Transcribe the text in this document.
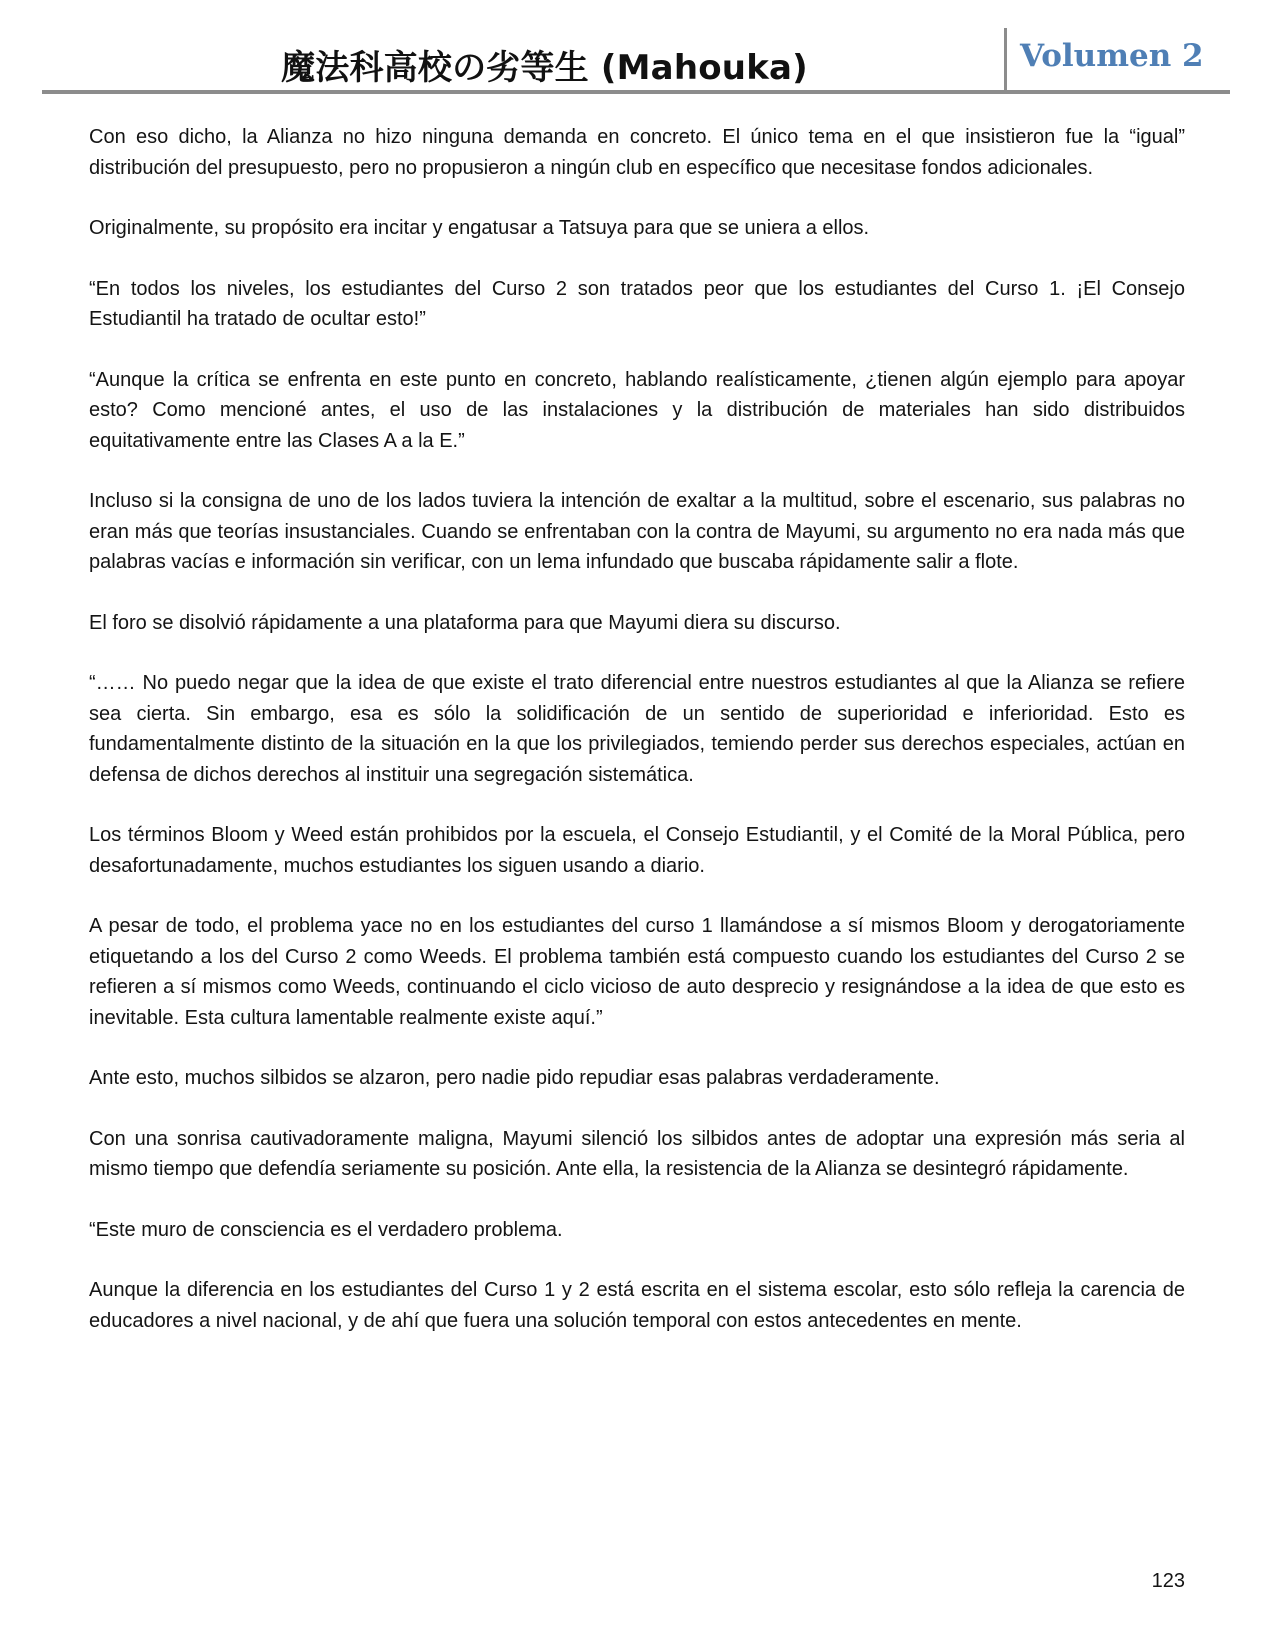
魔法科高校の劣等生 (Mahouka)	Volumen 2

Con eso dicho, la Alianza no hizo ninguna demanda en concreto. El único tema en el que insistieron fue la “igual” distribución del presupuesto, pero no propusieron a ningún club en específico que necesitase fondos adicionales.

Originalmente, su propósito era incitar y engatusar a Tatsuya para que se uniera a ellos.

“En todos los niveles, los estudiantes del Curso 2 son tratados peor que los estudiantes del Curso 1. ¡El Consejo Estudiantil ha tratado de ocultar esto!”

“Aunque la crítica se enfrenta en este punto en concreto, hablando realísticamente, ¿tienen algún ejemplo para apoyar esto? Como mencioné antes, el uso de las instalaciones y la distribución de materiales han sido distribuidos equitativamente entre las Clases A a la E.”

Incluso si la consigna de uno de los lados tuviera la intención de exaltar a la multitud, sobre el escenario, sus palabras no eran más que teorías insustanciales. Cuando se enfrentaban con la contra de Mayumi, su argumento no era nada más que palabras vacías e información sin verificar, con un lema infundado que buscaba rápidamente salir a flote.

El foro se disolvió rápidamente a una plataforma para que Mayumi diera su discurso.

“…… No puedo negar que la idea de que existe el trato diferencial entre nuestros estudiantes al que la Alianza se refiere sea cierta. Sin embargo, esa es sólo la solidificación de un sentido de superioridad e inferioridad. Esto es fundamentalmente distinto de la situación en la que los privilegiados, temiendo perder sus derechos especiales, actúan en defensa de dichos derechos al instituir una segregación sistemática.

Los términos Bloom y Weed están prohibidos por la escuela, el Consejo Estudiantil, y el Comité de la Moral Pública, pero desafortunadamente, muchos estudiantes los siguen usando a diario.

A pesar de todo, el problema yace no en los estudiantes del curso 1 llamándose a sí mismos Bloom y derogatoriamente etiquetando a los del Curso 2 como Weeds. El problema también está compuesto cuando los estudiantes del Curso 2 se refieren a sí mismos como Weeds, continuando el ciclo vicioso de auto desprecio y resignándose a la idea de que esto es inevitable. Esta cultura lamentable realmente existe aquí.”

Ante esto, muchos silbidos se alzaron, pero nadie pido repudiar esas palabras verdaderamente.

Con una sonrisa cautivadoramente maligna, Mayumi silenció los silbidos antes de adoptar una expresión más seria al mismo tiempo que defendía seriamente su posición. Ante ella, la resistencia de la Alianza se desintegró rápidamente.

“Este muro de consciencia es el verdadero problema.

Aunque la diferencia en los estudiantes del Curso 1 y 2 está escrita en el sistema escolar, esto sólo refleja la carencia de educadores a nivel nacional, y de ahí que fuera una solución temporal con estos antecedentes en mente.

123
